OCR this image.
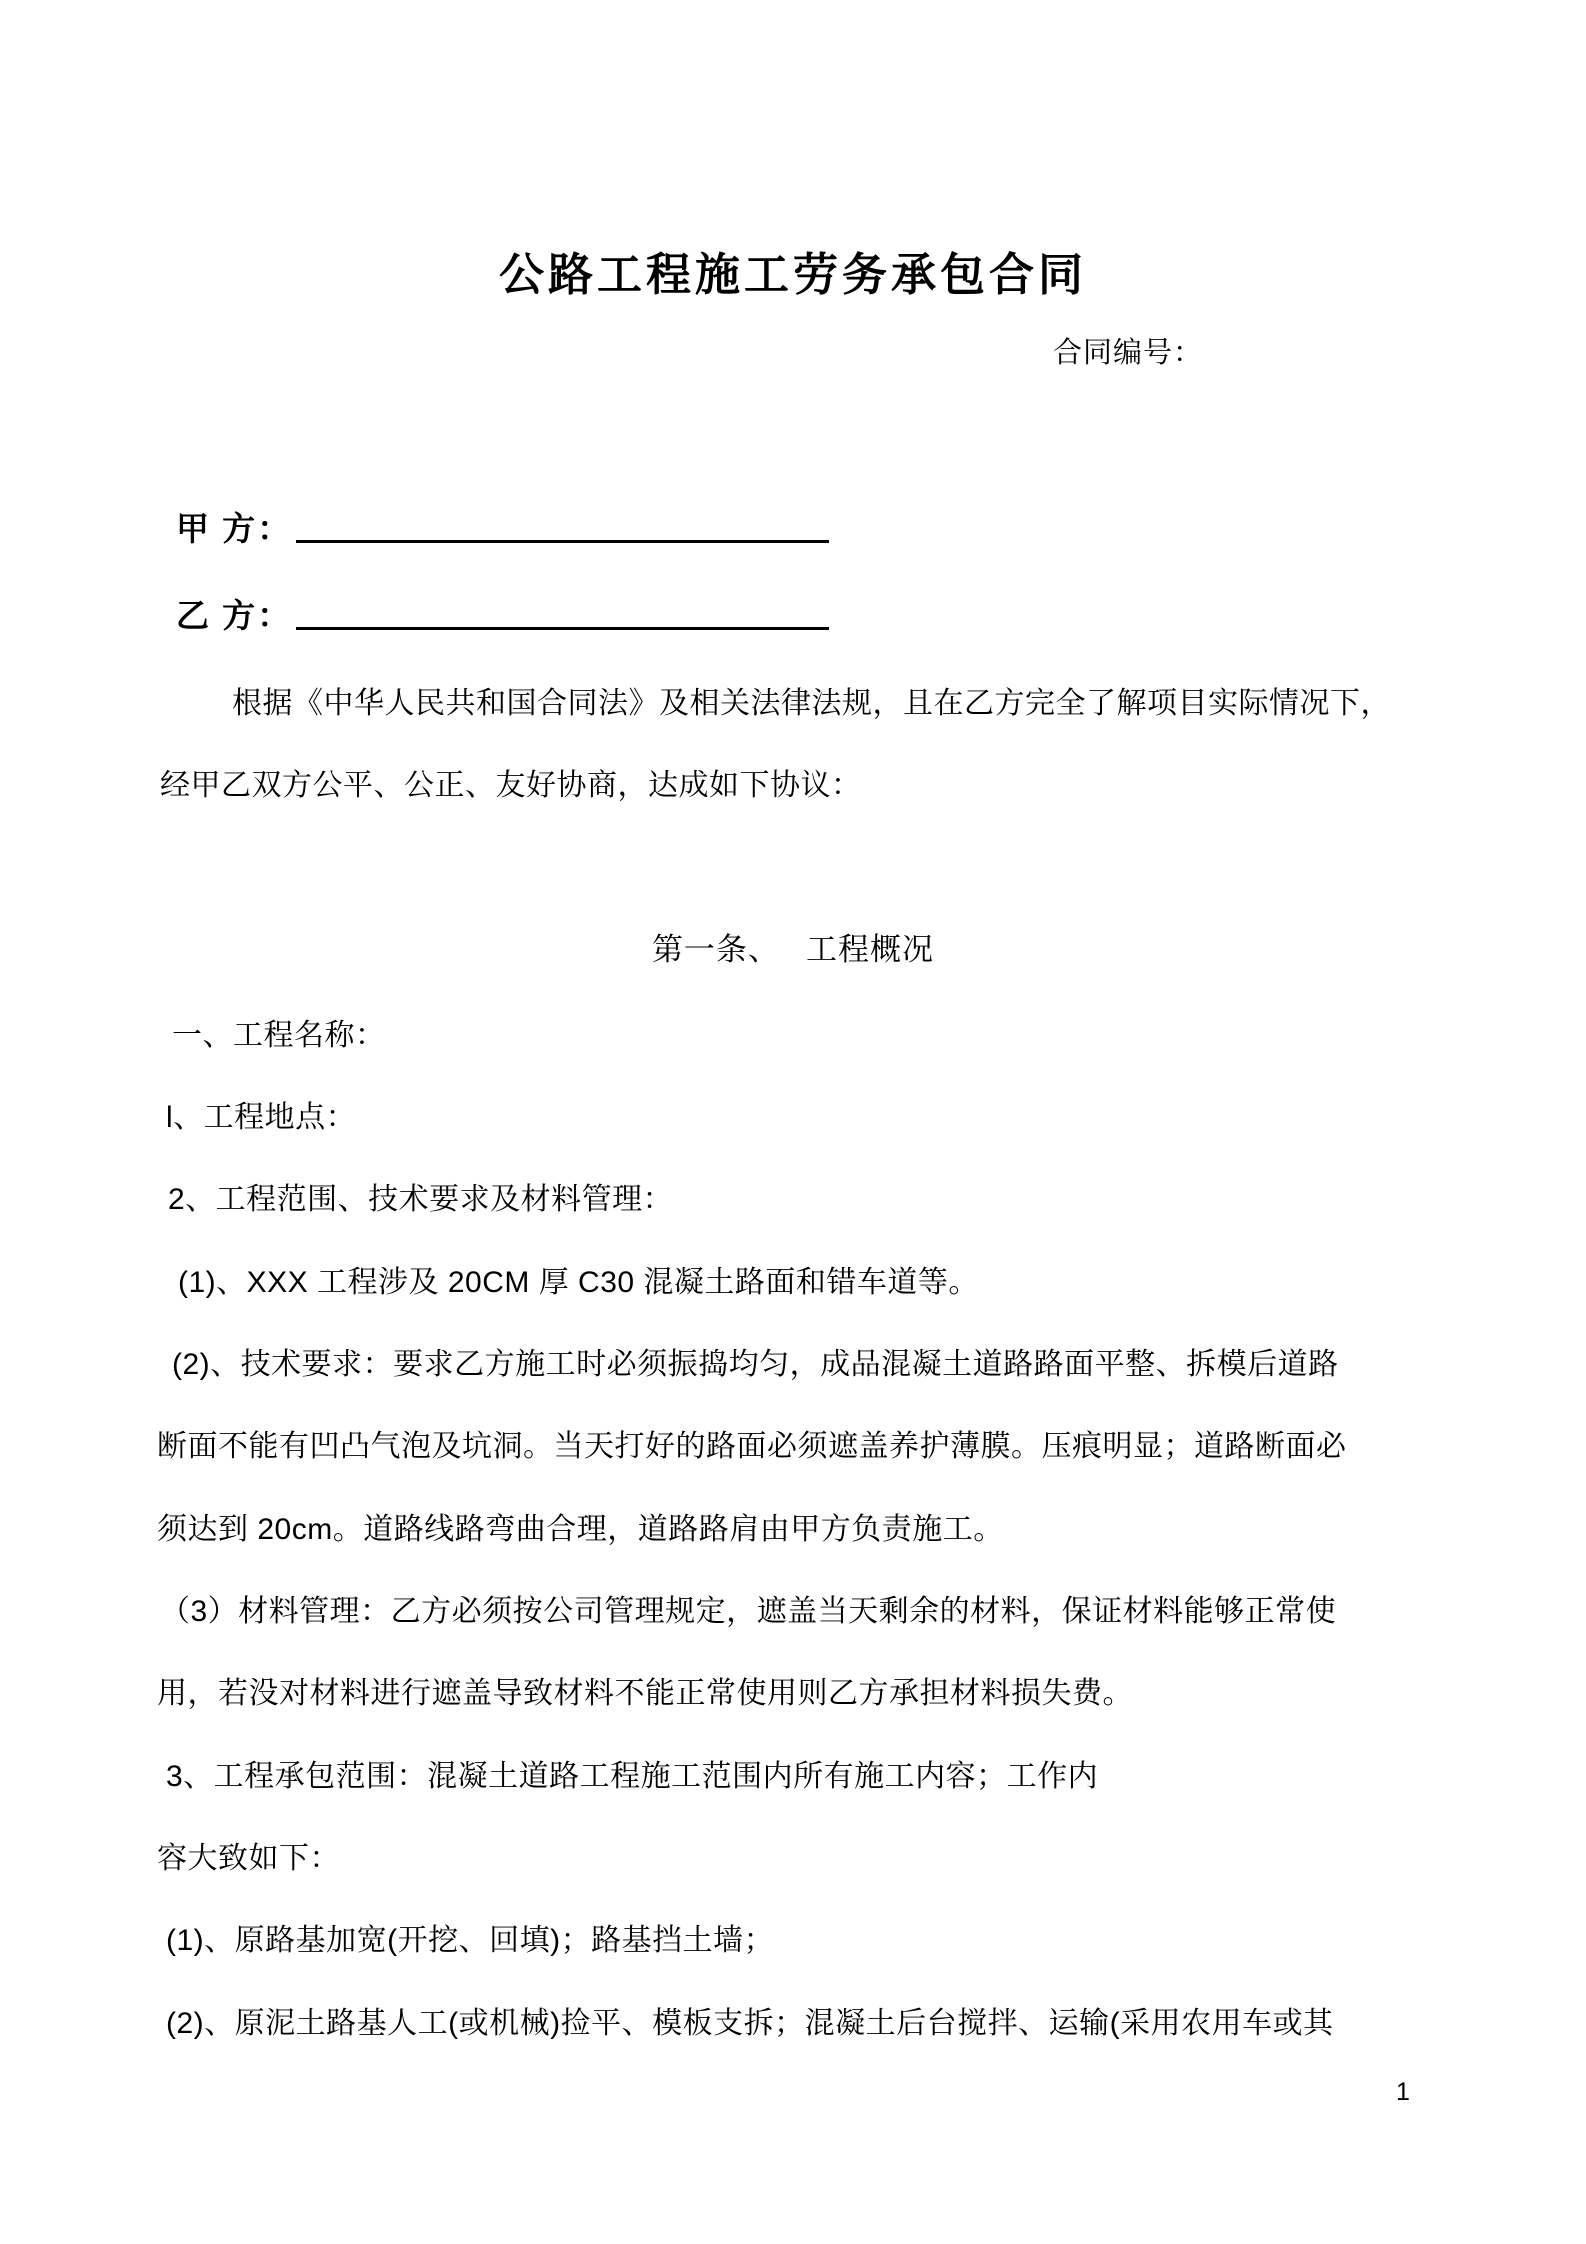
公路工程施工劳务承包合同
合同编号：
甲 方：
乙 方：
根据《中华人民共和国合同法》及相关法律法规，且在乙方完全了解项目实际情况下，
经甲乙双方公平、公正、友好协商，达成如下协议：
第一条、　 工程概况
一、工程名称：
l、工程地点：
2、工程范围、技术要求及材料管理：
(1)、XXX 工程涉及 20CM 厚 C30 混凝土路面和错车道等。
(2)、技术要求：要求乙方施工时必须振捣均匀，成品混凝土道路路面平整、拆模后道路
断面不能有凹凸气泡及坑洞。当天打好的路面必须遮盖养护薄膜。压痕明显；道路断面必
须达到 20cm。道路线路弯曲合理，道路路肩由甲方负责施工。
（3）材料管理：乙方必须按公司管理规定，遮盖当天剩余的材料，保证材料能够正常使
用，若没对材料进行遮盖导致材料不能正常使用则乙方承担材料损失费。
3、工程承包范围：混凝土道路工程施工范围内所有施工内容；工作内
容大致如下：
(1)、原路基加宽(开挖、回填)；路基挡土墙；
(2)、原泥土路基人工(或机械)捡平、模板支拆；混凝土后台搅拌、运输(采用农用车或其
1
